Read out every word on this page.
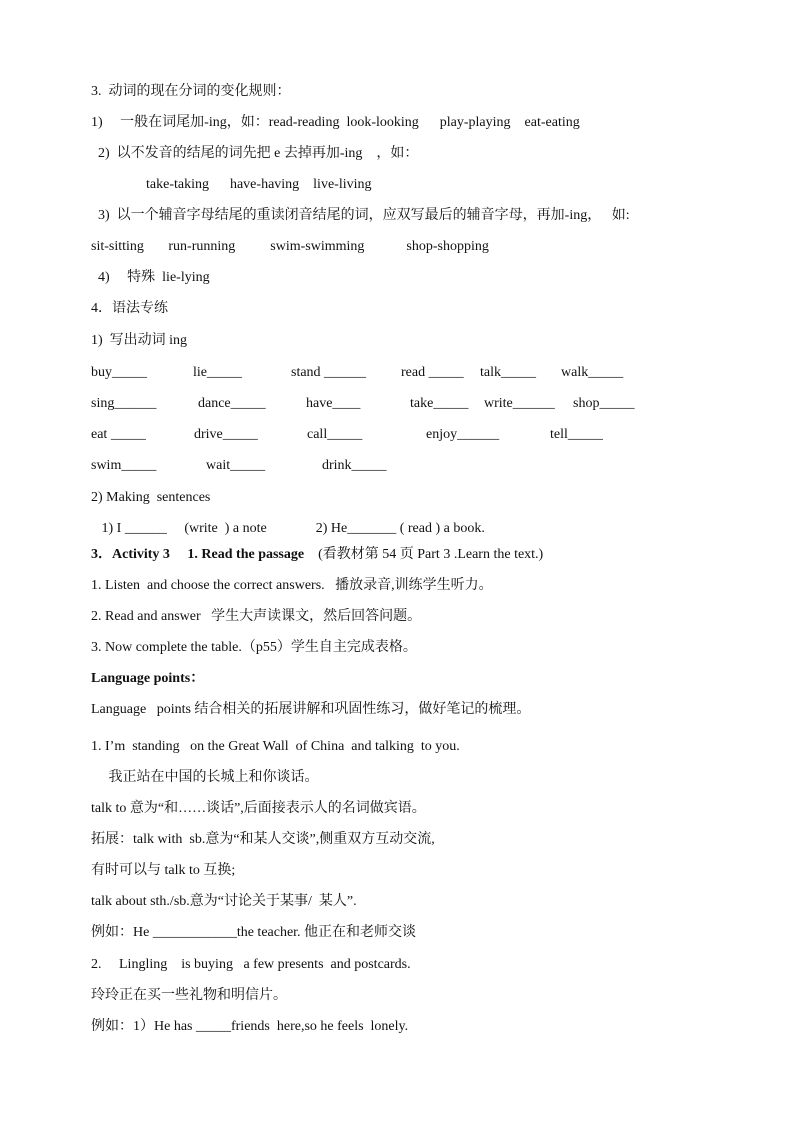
3.  动词的现在分词的变化规则：
1)     一般在词尾加-ing，如：read-reading  look-looking      play-playing    eat-eating
2)  以不发音的结尾的词先把 e 去掉再加-ing    ，如：
take-taking      have-having    live-living
3)  以一个辅音字母结尾的重读闭音结尾的词，应双写最后的辅音字母，再加-ing，   如:
sit-sitting       run-running          swim-swimming            shop-shopping
4)     特殊  lie-lying
4．语法专练
1)  写出动词 ing
buy_____	lie_____	stand ______ read _____ talk_____ walk_____
sing______	dance_____	have____	take_____ write______ shop_____
eat _____	drive_____	call_____	enjoy______	tell_____
swim_____	wait_____	drink_____
2) Making  sentences
1) I ______     (write  ) a note              2) He_______ ( read ) a book.
3．Activity 3     1. Read the passage    (看教材第 54 页 Part 3 .Learn the text.)
1. Listen  and choose the correct answers.   播放录音,训练学生听力。
2. Read and answer   学生大声读课文，然后回答问题。
3. Now complete the table.（p55）学生自主完成表格。
Language points：
Language   points 结合相关的拓展讲解和巩固性练习，做好笔记的梳理。
1. I’m  standing   on the Great Wall  of China  and talking  to you.
我正站在中国的长城上和你谈话。
talk to 意为“和……谈话”,后面接表示人的名词做宾语。
拓展：talk with  sb.意为“和某人交谈”,侧重双方互动交流,
有时可以与 talk to 互换;
talk about sth./sb.意为“讨论关于某事/  某人”.
例如：He ____________the teacher. 他正在和老师交谈
2.     Lingling    is buying   a few presents  and postcards.
玲玲正在买一些礼物和明信片。
例如：1）He has _____friends  here,so he feels  lonely.
